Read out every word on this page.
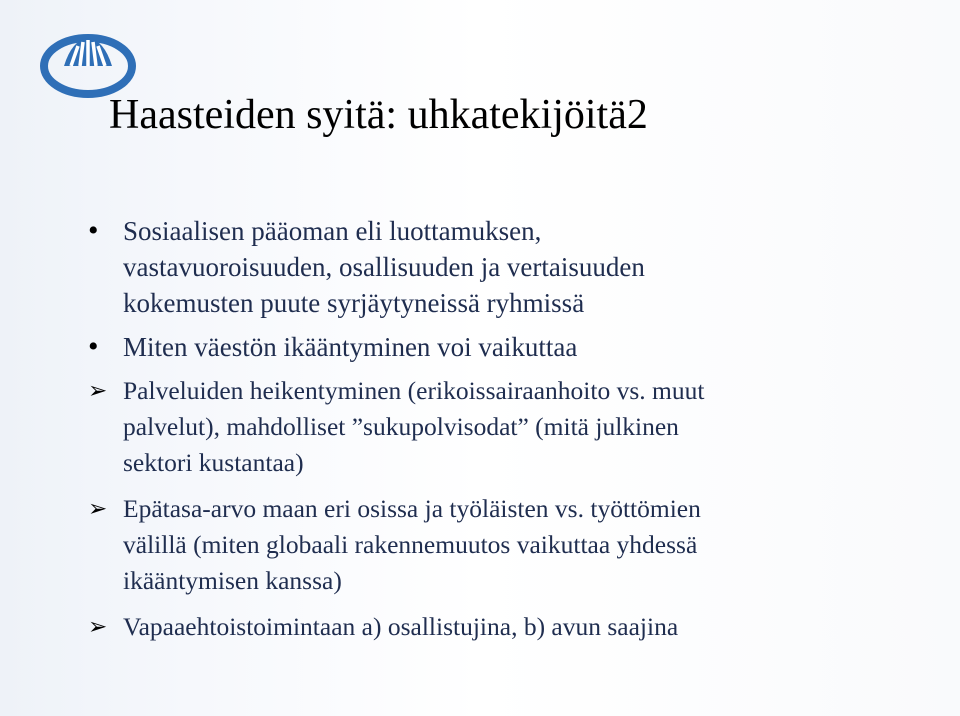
Haasteiden syitä: uhkatekijöitä2
• Sosiaalisen pääoman eli luottamuksen,
vastavuoroisuuden, osallisuuden ja vertaisuuden
kokemusten puute syrjäytyneissä ryhmissä
• Miten väestön ikääntyminen voi vaikuttaa
➢ Palveluiden heikentyminen (erikoissairaanhoito vs. muut
palvelut), mahdolliset ”sukupolvisodat” (mitä julkinen
sektori kustantaa)
➢ Epätasa-arvo maan eri osissa ja työläisten vs. työttömien
välillä (miten globaali rakennemuutos vaikuttaa yhdessä
ikääntymisen kanssa)
➢ Vapaaehtoistoimintaan a) osallistujina, b) avun saajina
